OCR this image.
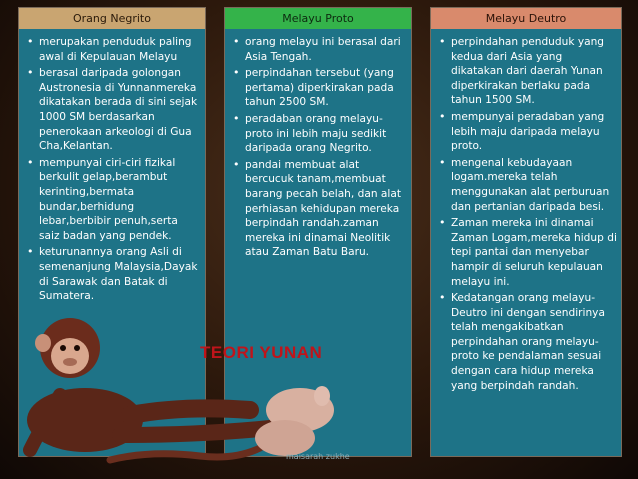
Orang Negrito
• merupakan penduduk paling awal di Kepulauan Melayu
• berasal daripada golongan Austronesia di Yunnanmereka dikatakan berada di sini sejak 1000 SM berdasarkan penerokaan arkeologi di Gua Cha,Kelantan.
• mempunyai ciri-ciri fizikal berkulit gelap,berambut kerinting,bermata bundar,berhidung lebar,berbibir penuh,serta saiz badan yang pendek.
• keturunannya orang Asli di semenanjung Malaysia,Dayak di Sarawak dan Batak di Sumatera.
Melayu Proto
• orang melayu ini berasal dari Asia Tengah.
• perpindahan tersebut (yang pertama) diperkirakan pada tahun 2500 SM.
• peradaban orang melayu-proto ini lebih maju sedikit daripada orang Negrito.
• pandai membuat alat bercucuk tanam,membuat barang pecah belah, dan alat perhiasan kehidupan mereka berpindah randah.zaman mereka ini dinamai Neolitik atau Zaman Batu Baru.
Melayu Deutro
• perpindahan penduduk yang kedua dari Asia yang dikatakan dari daerah Yunan diperkirakan berlaku pada tahun 1500 SM.
• mempunyai peradaban yang lebih maju daripada melayu proto.
• mengenal kebudayaan logam.mereka telah menggunakan alat perburuan dan pertanian daripada besi.
• Zaman mereka ini dinamai Zaman Logam,mereka hidup di tepi pantai dan menyebar hampir di seluruh kepulauan melayu ini.
• Kedatangan orang melayu-Deutro ini dengan sendirinya telah mengakibatkan perpindahan orang melayu-proto ke pendalaman sesuai dengan cara hidup mereka yang berpindah randah.
TEORI YUNAN
maisarah zukhe
